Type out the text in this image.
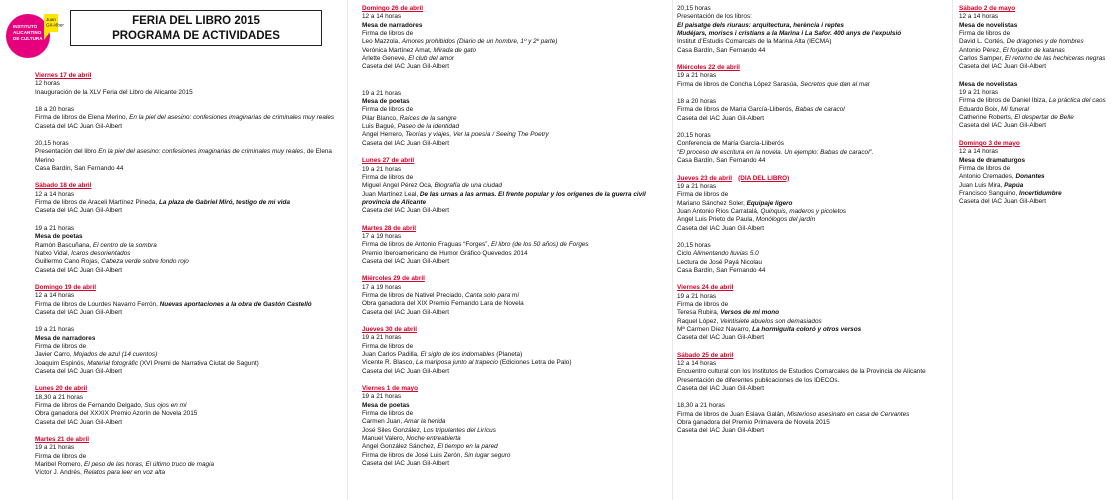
INSTITUTO ALICANTINO DE CULTURA
Juan Gil-Albert	FERIA DEL LIBRO 2015
PROGRAMA DE ACTIVIDADES
Viernes 17 de abril
12 horas
Inauguración de la XLV Feria del Libro de Alicante 2015
18 a 20 horas
Firma de libros de Elena Merino, En la piel del asesino: confesiones imaginarias de criminales muy reales
Caseta del IAC Juan Gil-Albert
20,15 horas
Presentación del libro En la piel del asesino: confesiones imaginarias de criminales muy reales, de Elena
Merino
Casa Bardín, San Fernando 44
Sábado 18 de abril
12 a 14 horas
Firma de libros de Araceli Martínez Pineda, La plaza de Gabriel Miró, testigo de mi vida
Caseta del IAC Juan Gil-Albert
19 a 21 horas
Mesa de poetas
Ramón Bascuñana, El centro de la sombra
Natxo Vidal, Ícaros desorientados
Guillermo Cano Rojas, Cabeza verde sobre fondo rojo
Caseta del IAC Juan Gil-Albert
Domingo 19 de abril
12 a 14 horas
Firma de libros de Lourdes Navarro Ferrón, Nuevas aportaciones a la obra de Gastón Castelló
Caseta del IAC Juan Gil-Albert
19 a 21 horas
Mesa de narradores
Firma de libros de
Javier Carro, Mojados de azul (14 cuentos)
Joaquim Espinós, Material fotogràfic (XVI Premi de Narrativa Ciutat de Sagunt)
Caseta del IAC Juan Gil-Albert
Lunes 20 de abril
18,30 a 21 horas
Firma de libros de Fernando Delgado, Sus ojos en mí
Obra ganadora del XXXIX Premio Azorín de Novela 2015
Caseta del IAC Juan Gil-Albert
Martes 21 de abril
19 a 21 horas
Firma de libros de
Maribel Romero, El peso de las horas, El último truco de magia
Víctor J. Andrés, Relatos para leer en voz alta
Domingo 26 de abril
12 a 14 horas
Mesa de narradores
Firma de libros de
Leo Mazzola, Amores prohibidos (Diario de un hombre, 1º y 2º parte)
Verónica Martínez Amat, Mirada de gato
Arlette Geneve, El club del amor
Caseta del IAC Juan Gil-Albert
19 a 21 horas
Mesa de poetas
Firma de libros de
Pilar Blanco, Raíces de la sangre
Luis Bagué, Paseo de la identidad
Ángel Herrero, Teorías y viajes, Ver la poesía / Seeing The Poetry
Caseta del IAC Juan Gil-Albert
Lunes 27 de abril
19 a 21 horas
Firma de libros de
Miguel Ángel Pérez Oca, Biografía de una ciudad
Juan Martínez Leal, De las urnas a las armas. El frente popular y los orígenes de la guerra civil
provincia de Alicante
Caseta del IAC Juan Gil-Albert
Martes 28 de abril
17 a 19 horas
Firma de libros de Antonio Fraguas “Forges”, El libro (de los 50 años) de Forges
Premio Iberoamericano de Humor Gráfico Quevedos 2014
Caseta del IAC Juan Gil-Albert
Miércoles 29 de abril
17 a 19 horas
Firma de libros de Nativel Preciado, Canta solo para mí
Obra ganadora del XIX Premio Fernando Lara de Novela
Caseta del IAC Juan Gil-Albert
Jueves 30 de abril
19 a 21 horas
Firma de libros de
Juan Carlos Padilla, El siglo de los indomables (Planeta)
Vicente R. Blasco, La mariposa junto al trapecio (Ediciones Letra de Palo)
Caseta del IAC Juan Gil-Albert
Viernes 1 de mayo
19 a 21 horas
Mesa de poetas
Firma de libros de
Carmen Juan, Amar la herida
José Siles González, Los tripulantes del Lirícus
Manuel Valero, Noche entreabierta
Ángel González Sánchez, El tiempo en la pared
Firma de libros de José Luis Zerón, Sin lugar seguro
Caseta del IAC Juan Gil-Albert
20,15 horas
Presentación de los libros:
El paisatge dels riuraus: arquitectura, herència i reptes
Mudéjars, moriscs i cristians a la Marina i La Safor. 400 anys de l’expulsió
Institut d’Estudis Comarcals de la Marina Alta (IECMA)
Casa Bardín, San Fernando 44
Miércoles 22 de abril
19 a 21 horas
Firma de libros de Concha López Sarasúa, Secretos que dan al mar
18 a 20 horas
Firma de libros de María García-Lliberós, Babas de caracol
Caseta del IAC Juan Gil-Albert
20,15 horas
Conferencia de María García-Lliberós
“El proceso de escritura en la novela. Un ejemplo: Babas de caracol”.
Casa Bardín, San Fernando 44
Jueves 23 de abril (DÍA DEL LIBRO)
19 a 21 horas
Firma de libros de
Mariano Sánchez Soler, Equipaje ligero
Juan Antonio Ríos Carratalá, Quinquis, maderos y picoletos
Ángel Luis Prieto de Paula, Monólogos del jardín
Caseta del IAC Juan Gil-Albert
20,15 horas
Ciclo Alimentando lluvias 5.0
Lectura de José Payá Nicolau
Casa Bardín, San Fernando 44
Viernes 24 de abril
19 a 21 horas
Firma de libros de
Teresa Rubira, Versos de mi mono
Raquel López, Veintisiete abuelos son demasiados
Mª Carmen Díez Navarro, La hormiguita coloró y otros versos
Caseta del IAC Juan Gil-Albert
Sábado 25 de abril
12 a 14 horas
Encuentro cultural con los Institutos de Estudios Comarcales de la Provincia de Alicante
Presentación de diferentes publicaciones de los IDECOs.
Caseta del IAC Juan Gil-Albert
18,30 a 21 horas
Firma de libros de Juan Eslava Galán, Misterioso asesinato en casa de Cervantes
Obra ganadora del Premio Primavera de Novela 2015
Caseta del IAC Juan Gil-Albert
Sábado 2 de mayo
12 a 14 horas
Mesa de novelistas
Firma de libros de
David L. Cortés, De dragones y de hombres
Antonio Pérez, El forjador de katanas
Carlos Samper, El retorno de las hechiceras negras
Caseta del IAC Juan Gil-Albert
Mesa de novelistas
19 a 21 horas
Firma de libros de Daniel Ibiza, La práctica del caos
Eduardo Boix, Mi funeral
Catherine Roberts, El despertar de Belle
Caseta del IAC Juan Gil-Albert
Domingo 3 de mayo
12 a 14 horas
Mesa de dramaturgos
Firma de libros de
Antonio Cremades, Donantes
Juan Luis Mira, Papúa
Francisco Sanguino, Incertidumbre
Caseta del IAC Juan Gil-Albert
